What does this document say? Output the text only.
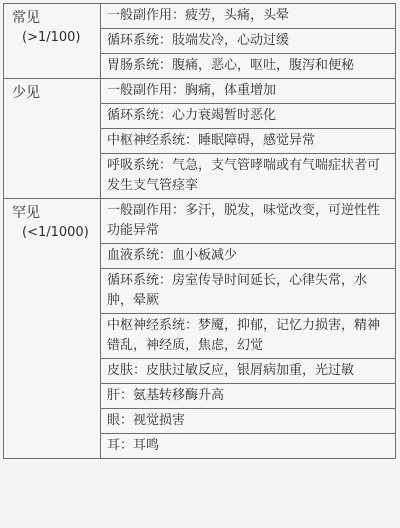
常见
(>1/100)	一般副作用：疲劳，头痛，头晕
	循环系统：肢端发冷，心动过缓
	胃肠系统：腹痛，恶心，呕吐，腹泻和便秘

少见	一般副作用：胸痛，体重增加
	循环系统：心力衰竭暂时恶化
	中枢神经系统：睡眠障碍，感觉异常
	呼吸系统：气急，支气管哮喘或有气喘症状者可发生支气管痉挛

罕见
(<1/1000)	一般副作用：多汗，脱发，味觉改变，可逆性性功能异常
	血液系统：血小板减少
	循环系统：房室传导时间延长，心律失常，水肿，晕厥
	中枢神经系统：梦魇，抑郁，记忆力损害，精神错乱，神经质，焦虑，幻觉
	皮肤：皮肤过敏反应，银屑病加重，光过敏
	肝：氨基转移酶升高
	眼：视觉损害
	耳：耳鸣
